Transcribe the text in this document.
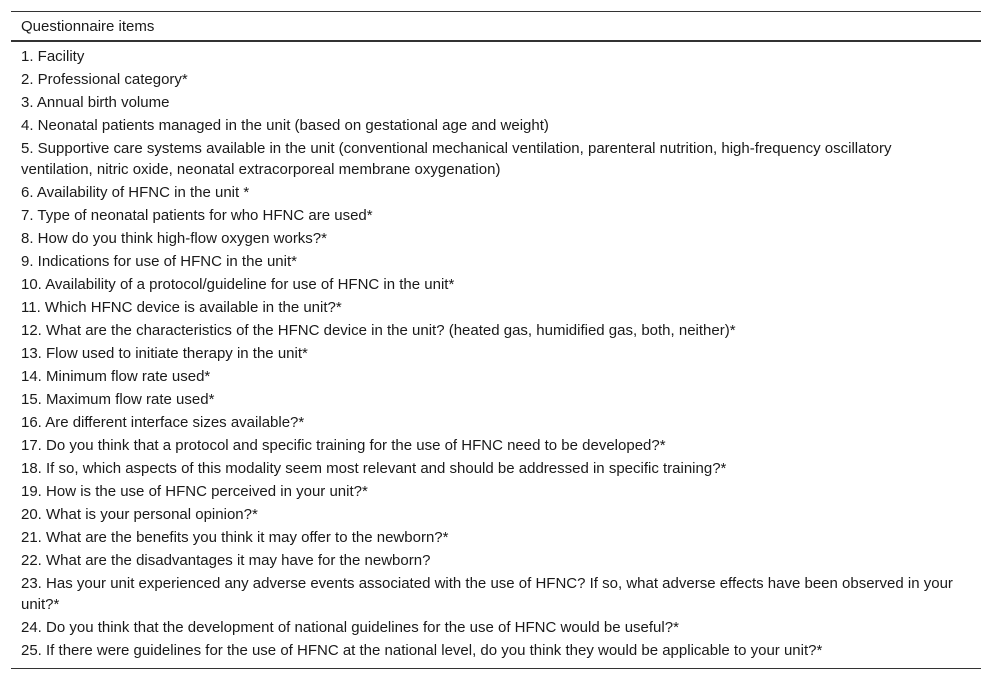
Questionnaire items
1. Facility
2. Professional category*
3. Annual birth volume
4. Neonatal patients managed in the unit (based on gestational age and weight)
5. Supportive care systems available in the unit (conventional mechanical ventilation, parenteral nutrition, high-frequency oscillatory ventilation, nitric oxide, neonatal extracorporeal membrane oxygenation)
6. Availability of HFNC in the unit *
7. Type of neonatal patients for who HFNC are used*
8. How do you think high-flow oxygen works?*
9. Indications for use of HFNC in the unit*
10. Availability of a protocol/guideline for use of HFNC in the unit*
11. Which HFNC device is available in the unit?*
12. What are the characteristics of the HFNC device in the unit? (heated gas, humidified gas, both, neither)*
13. Flow used to initiate therapy in the unit*
14. Minimum flow rate used*
15. Maximum flow rate used*
16. Are different interface sizes available?*
17. Do you think that a protocol and specific training for the use of HFNC need to be developed?*
18. If so, which aspects of this modality seem most relevant and should be addressed in specific training?*
19. How is the use of HFNC perceived in your unit?*
20. What is your personal opinion?*
21. What are the benefits you think it may offer to the newborn?*
22. What are the disadvantages it may have for the newborn?
23. Has your unit experienced any adverse events associated with the use of HFNC? If so, what adverse effects have been observed in your unit?*
24. Do you think that the development of national guidelines for the use of HFNC would be useful?*
25. If there were guidelines for the use of HFNC at the national level, do you think they would be applicable to your unit?*
